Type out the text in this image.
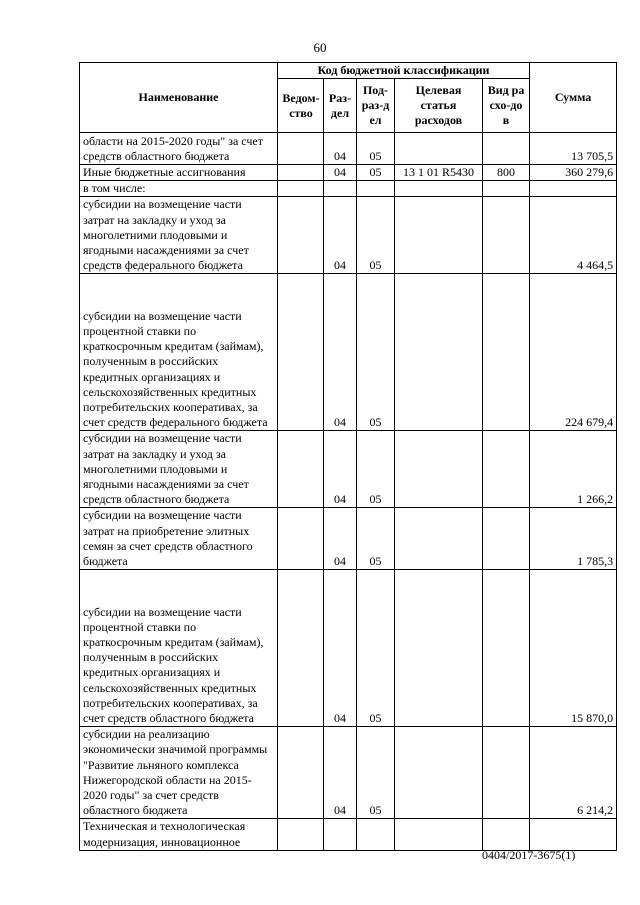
60
Наименование	Код бюджетной классификации					Сумма
	Ведом-ство	Раз-дел	Под-раз-дел	Целевая статья расходов	Вид расхо-дов	
области на 2015-2020 годы" за счет средств областного бюджета		04	05			13 705,5
Иные бюджетные ассигнования		04	05	13 1 01 R5430	800	360 279,6
в том числе:						
субсидии на возмещение части затрат на закладку и уход за многолетними плодовыми и ягодными насаждениями за счет средств федерального бюджета		04	05			4 464,5
субсидии на возмещение части процентной ставки по краткосрочным кредитам (займам), полученным в российских кредитных организациях и сельскохозяйственных кредитных потребительских кооперативах, за счет средств федерального бюджета		04	05			224 679,4
субсидии на возмещение части затрат на закладку и уход за многолетними плодовыми и ягодными насаждениями за счет средств областного бюджета		04	05			1 266,2
субсидии на возмещение части затрат на приобретение элитных семян за счет средств областного бюджета		04	05			1 785,3
субсидии на возмещение части процентной ставки по краткосрочным кредитам (займам), полученным в российских кредитных организациях и сельскохозяйственных кредитных потребительских кооперативах, за счет средств областного бюджета		04	05			15 870,0
субсидии на реализацию экономически значимой программы "Развитие льняного комплекса Нижегородской области на 2015-2020 годы" за счет средств областного бюджета		04	05			6 214,2
Техническая и технологическая модернизация, инновационное						
0404/2017-3675(1)
